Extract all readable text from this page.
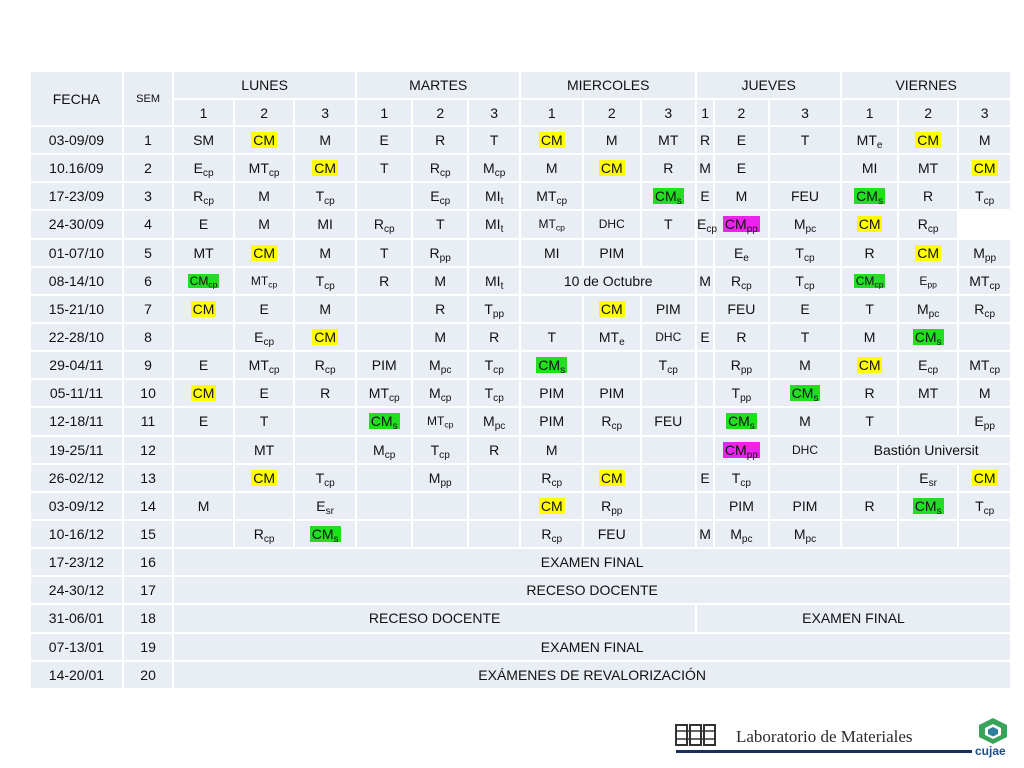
FECHA	SEM	LUNES			MARTES			MIERCOLES			JUEVES			VIERNES		
		1	2	3	1	2	3	1	2	3	1	2	3	1	2	3
03-09/09	1	SM	CM	M	E	R	T	CM	M	MT	R	E	T	$MT_e$	CM	M
10.16/09	2	$E_{cp}$	$MT_{cp}$	CM	T	$R_{cp}$	$M_{cp}$	M	CM	R	M	E		MI	MT	CM
17-23/09	3	$R_{cp}$	M	$T_{cp}$		$E_{cp}$	$MI_t$	$MT_{cp}$		$CM_s$	E	M	FEU	$CM_s$	R	$T_{cp}$
24-30/09	4	E	M	MI	$R_{cp}$	T	$MI_t$	$MT_{cp}$	DHC	T	$E_{cp}$	$CM_{pp}$	$M_{pc}$	CM	$R_{cp}$
01-07/10	5	MT	CM	M	T	$R_{pp}$		MI	PIM			$E_e$	$T_{cp}$	R	CM	$M_{pp}$
08-14/10	6	$CM_{cp}$	$MT_{cp}$	$T_{cp}$	R	M	$MI_t$	10 de Octubre			M	$R_{cp}$	$T_{cp}$	$CM_{cp}$	$E_{pp}$	$MT_{cp}$
15-21/10	7	CM	E	M		R	$T_{pp}$		CM	PIM		FEU	E	T	$M_{pc}$	$R_{cp}$
22-28/10	8		$E_{cp}$	CM		M	R	T	$MT_e$	DHC	E	R	T	M	$CM_s$	
29-04/11	9	E	$MT_{cp}$	$R_{cp}$	PIM	$M_{pc}$	$T_{cp}$	$CM_s$		$T_{cp}$		$R_{pp}$	M	CM	$E_{cp}$	$MT_{cp}$
05-11/11	10	CM	E	R	$MT_{cp}$	$M_{cp}$	$T_{cp}$	PIM	PIM			$T_{pp}$	$CM_s$	R	MT	M
12-18/11	11	E	T		$CM_s$	$MT_{cp}$	$M_{pc}$	PIM	$R_{cp}$	FEU		$CM_s$	M	T		$E_{pp}$
19-25/11	12		MT		$M_{cp}$	$T_{cp}$	R	M				$CM_{pp}$	DHC	Bastión Universit		
26-02/12	13		CM	$T_{cp}$		$M_{pp}$		$R_{cp}$	CM		E	$T_{cp}$			$E_{sr}$	CM
03-09/12	14	M		$E_{sr}$				CM	$R_{pp}$			PIM	PIM	R	$CM_s$	$T_{cp}$
10-16/12	15		$R_{cp}$	$CM_s$				$R_{cp}$	FEU		M	$M_{pc}$	$M_{pc}$			
17-23/12	16	EXAMEN FINAL														
24-30/12	17	RECESO DOCENTE														
31-06/01	18	RECESO DOCENTE									EXAMEN FINAL					
07-13/01	19	EXAMEN FINAL														
14-20/01	20	EXÁMENES DE REVALORIZACIÓN														
Laboratorio de Materiales
cujae
